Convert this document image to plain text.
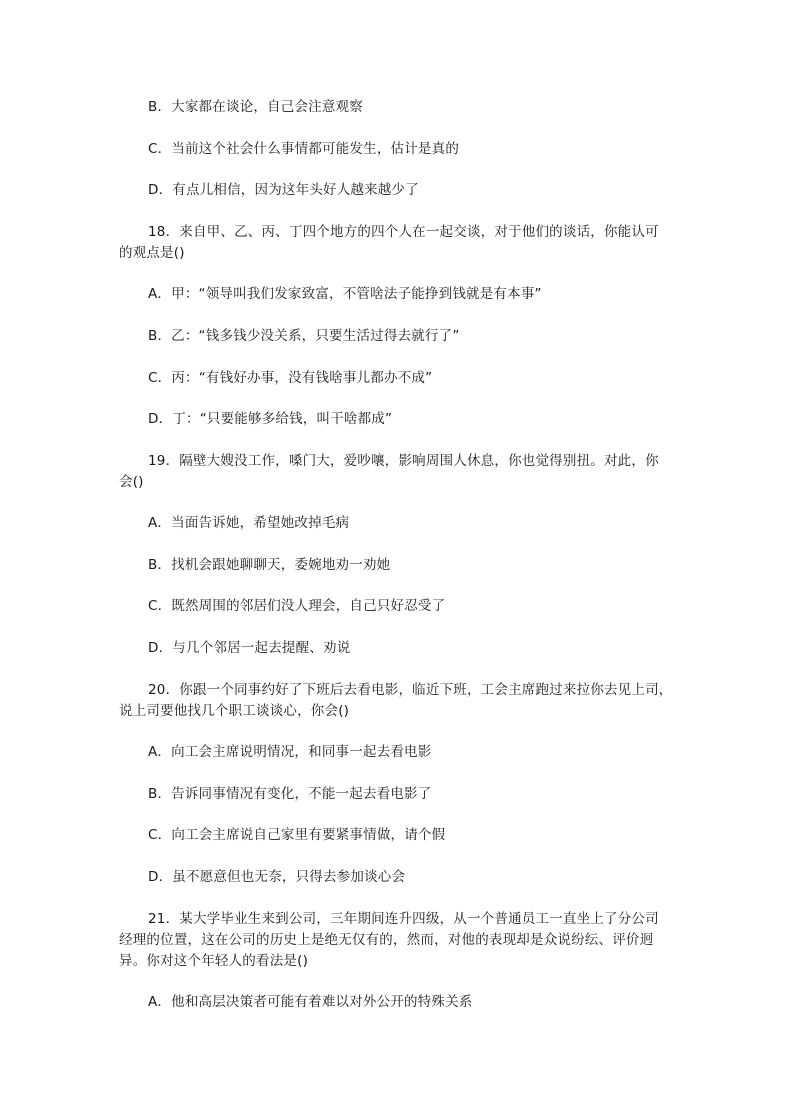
B．大家都在谈论，自己会注意观察
C．当前这个社会什么事情都可能发生，估计是真的
D．有点儿相信，因为这年头好人越来越少了
18．来自甲、乙、丙、丁四个地方的四个人在一起交谈，对于他们的谈话，你能认可
的观点是()
A．甲：“领导叫我们发家致富，不管啥法子能挣到钱就是有本事”
B．乙：“钱多钱少没关系，只要生活过得去就行了”
C．丙：“有钱好办事，没有钱啥事儿都办不成”
D．丁：“只要能够多给钱，叫干啥都成”
19．隔壁大嫂没工作，嗓门大，爱吵嚷，影响周围人休息，你也觉得别扭。对此，你
会()
A．当面告诉她，希望她改掉毛病
B．找机会跟她聊聊天，委婉地劝一劝她
C．既然周围的邻居们没人理会，自己只好忍受了
D．与几个邻居一起去提醒、劝说
20．你跟一个同事约好了下班后去看电影，临近下班，工会主席跑过来拉你去见上司，
说上司要他找几个职工谈谈心，你会()
A．向工会主席说明情况，和同事一起去看电影
B．告诉同事情况有变化，不能一起去看电影了
C．向工会主席说自己家里有要紧事情做，请个假
D．虽不愿意但也无奈，只得去参加谈心会
21．某大学毕业生来到公司，三年期间连升四级，从一个普通员工一直坐上了分公司
经理的位置，这在公司的历史上是绝无仅有的，然而，对他的表现却是众说纷纭、评价迥
异。你对这个年轻人的看法是()
A．他和高层决策者可能有着难以对外公开的特殊关系
